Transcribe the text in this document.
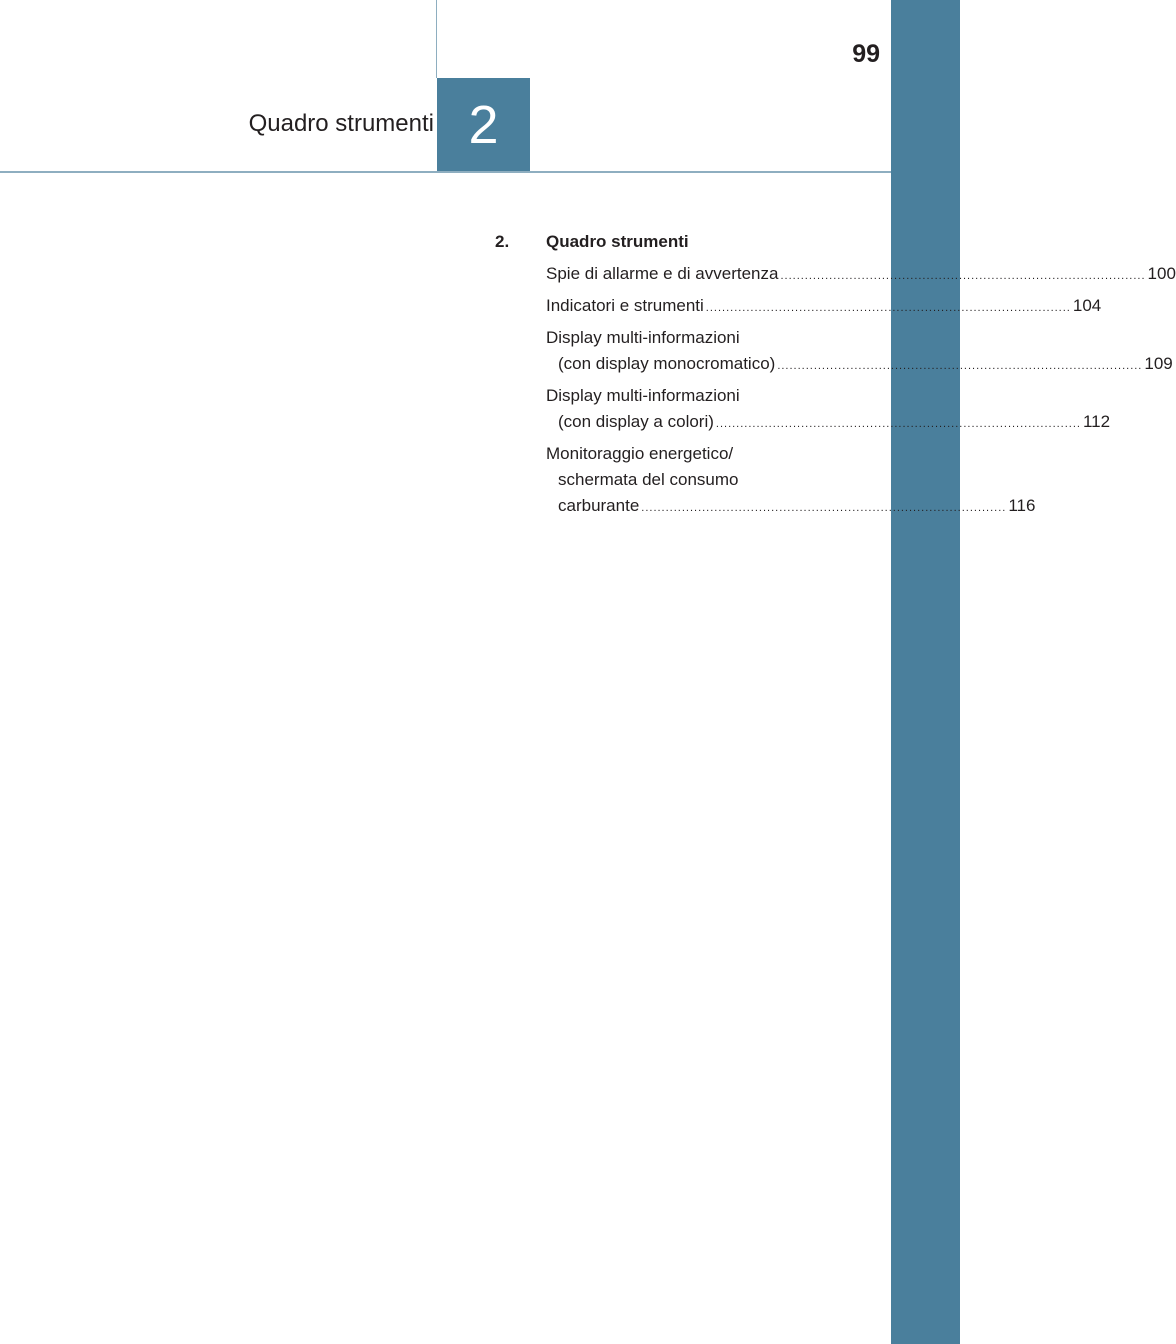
Quadro strumenti 2
99
2. Quadro strumenti
Spie di allarme e di avvertenza .......................................................................................... 100
Indicatori e strumenti .......................................................................................... 104
Display multi-informazioni
(con display monocromatico) .......................................................................................... 109
Display multi-informazioni
(con display a colori) .......................................................................................... 112
Monitoraggio energetico/
schermata del consumo
carburante .......................................................................................... 116
carmanualsonline.info
